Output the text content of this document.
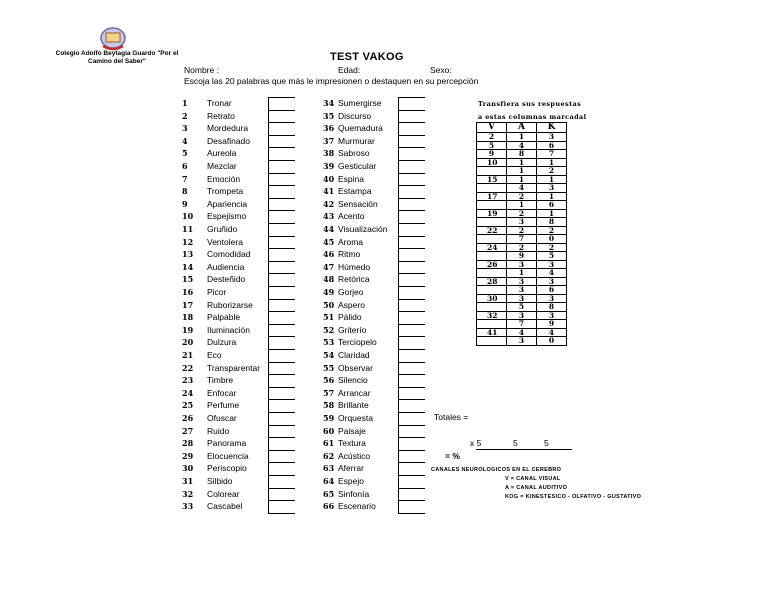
Colegio Adolfo Beytagia Guardo "Por el Camino del Saber"	TEST VAKOG
Nombre :	Edad:	Sexo:
Escoja las 20 palabras que más le impresionen o destaquen en su percepción
1 Tronar
2 Retrato
3 Mordedura
4 Desafinado
5 Aureola
6 Mezclar
7 Emoción
8 Trompeta
9 Apariencia
10 Espejismo
11 Gruñido
12 Ventolera
13 Comodidad
14 Audiencia
15 Desteñido
16 Picor
17 Ruborizarse
18 Palpable
19 Iluminación
20 Dulzura
21 Eco
22 Transparentar
23 Timbre
24 Enfocar
25 Perfume
26 Ofuscar
27 Ruido
28 Panorama
29 Elocuencia
30 Periscopio
31 Silbido
32 Colorear
33 Cascabel
34 Sumergirse
35 Discurso
36 Quemadura
37 Murmurar
38 Sabroso
39 Gesticular
40 Espina
41 Estampa
42 Sensación
43 Acento
44 Visualización
45 Aroma
46 Ritmo
47 Húmedo
48 Retórica
49 Gorjeo
50 Aspero
51 Pálido
52 Griterío
53 Terciopelo
54 Claridad
55 Observar
56 Silencio
57 Arrancar
58 Brillante
59 Orquesta
60 Paisaje
61 Textura
62 Acústico
63 Aferrar
64 Espejo
65 Sinfonía
66 Escenario
Transfiera sus respuestas
a estas columnas marcadal
V	A	K
2	1	3
5	4	6
9	8	7
10	1	1
	1	2
15	1	1
	4	3
17	2	1
	1	6
19	2	1
	3	8
22	2	2
	7	0
24	2	2
	9	5
26	3	3
	1	4
28	3	3
	3	6
30	3	3
	5	8
32	3	3
	7	9
41	4	4
	3	0
Totales =
x 5	5	5
= %
CANALES NEUROLOGICOS EN EL CEREBRO
V = CANAL VISUAL
A = CANAL AUDITIVO
KOG = KINESTESICO - OLFATIVO - GUSTATIVO
